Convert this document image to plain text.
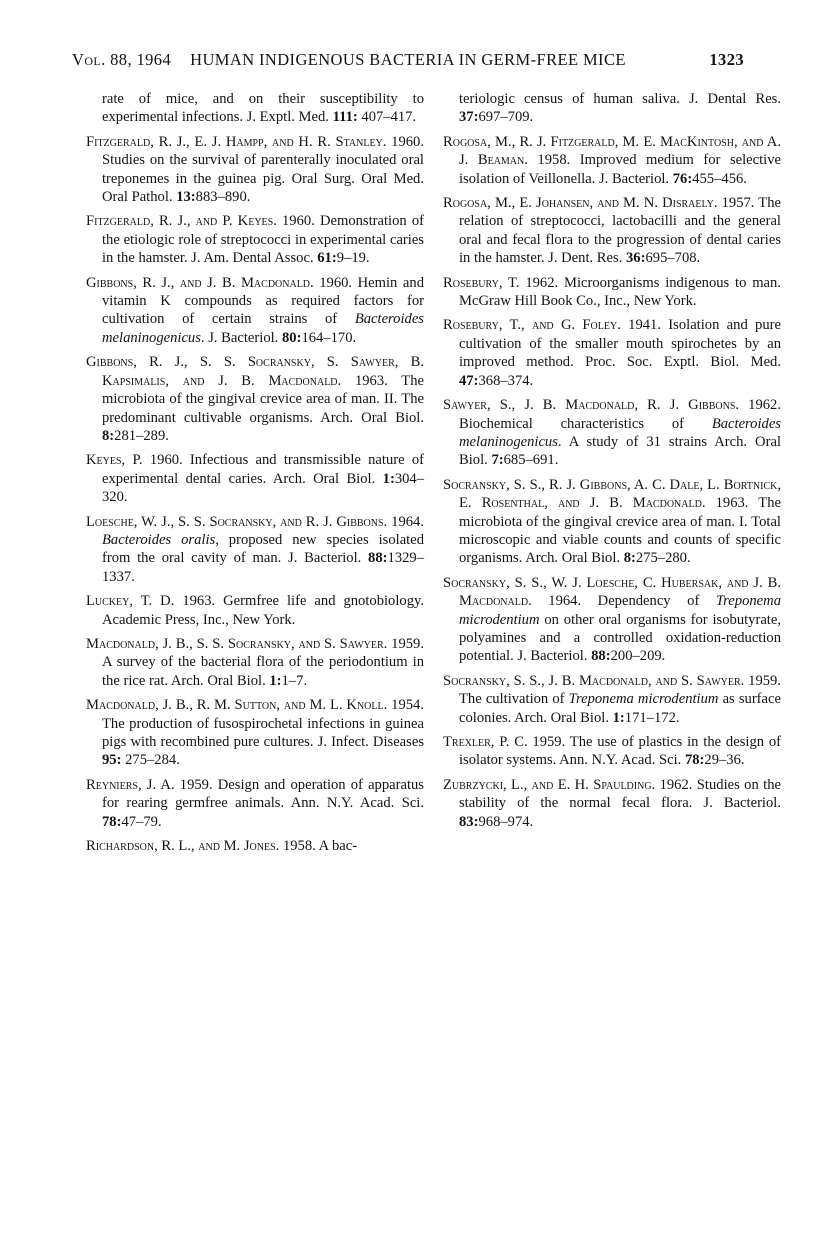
Vol. 88, 1964	HUMAN INDIGENOUS BACTERIA IN GERM-FREE MICE	1323

rate of mice, and on their susceptibility to experimental infections. J. Exptl. Med. 111: 407–417.

Fitzgerald, R. J., E. J. Hampp, and H. R. Stanley. 1960. Studies on the survival of parenterally inoculated oral treponemes in the guinea pig. Oral Surg. Oral Med. Oral Pathol. 13:883–890.

Fitzgerald, R. J., and P. Keyes. 1960. Demonstration of the etiologic role of streptococci in experimental caries in the hamster. J. Am. Dental Assoc. 61:9–19.

Gibbons, R. J., and J. B. Macdonald. 1960. Hemin and vitamin K compounds as required factors for cultivation of certain strains of Bacteroides melaninogenicus. J. Bacteriol. 80:164–170.

Gibbons, R. J., S. S. Socransky, S. Sawyer, B. Kapsimalis, and J. B. Macdonald. 1963. The microbiota of the gingival crevice area of man. II. The predominant cultivable organisms. Arch. Oral Biol. 8:281–289.

Keyes, P. 1960. Infectious and transmissible nature of experimental dental caries. Arch. Oral Biol. 1:304–320.

Loesche, W. J., S. S. Socransky, and R. J. Gibbons. 1964. Bacteroides oralis, proposed new species isolated from the oral cavity of man. J. Bacteriol. 88:1329–1337.

Luckey, T. D. 1963. Germfree life and gnotobiology. Academic Press, Inc., New York.

Macdonald, J. B., S. S. Socransky, and S. Sawyer. 1959. A survey of the bacterial flora of the periodontium in the rice rat. Arch. Oral Biol. 1:1–7.

Macdonald, J. B., R. M. Sutton, and M. L. Knoll. 1954. The production of fusospirochetal infections in guinea pigs with recombined pure cultures. J. Infect. Diseases 95: 275–284.

Reyniers, J. A. 1959. Design and operation of apparatus for rearing germfree animals. Ann. N.Y. Acad. Sci. 78:47–79.

Richardson, R. L., and M. Jones. 1958. A bac-

teriologic census of human saliva. J. Dental Res. 37:697–709.

Rogosa, M., R. J. Fitzgerald, M. E. MacKintosh, and A. J. Beaman. 1958. Improved medium for selective isolation of Veillonella. J. Bacteriol. 76:455–456.

Rogosa, M., E. Johansen, and M. N. Disraely. 1957. The relation of streptococci, lactobacilli and the general oral and fecal flora to the progression of dental caries in the hamster. J. Dent. Res. 36:695–708.

Rosebury, T. 1962. Microorganisms indigenous to man. McGraw Hill Book Co., Inc., New York.

Rosebury, T., and G. Foley. 1941. Isolation and pure cultivation of the smaller mouth spirochetes by an improved method. Proc. Soc. Exptl. Biol. Med. 47:368–374.

Sawyer, S., J. B. Macdonald, R. J. Gibbons. 1962. Biochemical characteristics of Bacteroides melaninogenicus. A study of 31 strains Arch. Oral Biol. 7:685–691.

Socransky, S. S., R. J. Gibbons, A. C. Dale, L. Bortnick, E. Rosenthal, and J. B. Macdonald. 1963. The microbiota of the gingival crevice area of man. I. Total microscopic and viable counts and counts of specific organisms. Arch. Oral Biol. 8:275–280.

Socransky, S. S., W. J. Loesche, C. Hubersak, and J. B. Macdonald. 1964. Dependency of Treponema microdentium on other oral organisms for isobutyrate, polyamines and a controlled oxidation-reduction potential. J. Bacteriol. 88:200–209.

Socransky, S. S., J. B. Macdonald, and S. Sawyer. 1959. The cultivation of Treponema microdentium as surface colonies. Arch. Oral Biol. 1:171–172.

Trexler, P. C. 1959. The use of plastics in the design of isolator systems. Ann. N.Y. Acad. Sci. 78:29–36.

Zubrzycki, L., and E. H. Spaulding. 1962. Studies on the stability of the normal fecal flora. J. Bacteriol. 83:968–974.
